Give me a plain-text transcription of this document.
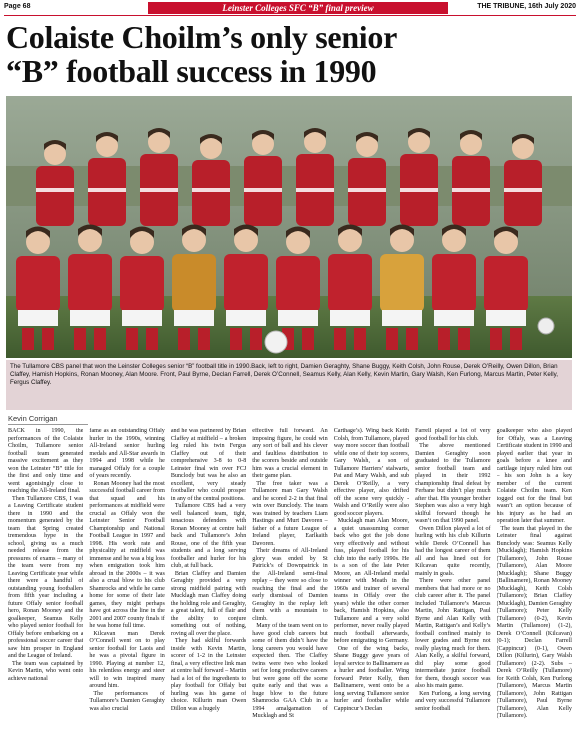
Page 68	Leinster Colleges SFC “B” final preview	THE TRIBUNE, 16th July 2020
Colaiste Choilm’s only senior
“B” football success in 1990
The Tullamore CBS panel that won the Leinster Colleges senior “B” football title in 1990.Back, left to right, Damien Geraghty, Shane Buggy, Keith Colsh, John Rouse, Derek O’Reilly, Owen Dillon, Brian Claffey, Hamish Hopkins, Ronan Mooney, Alan Moore. Front, Paul Byrne, Declan Farrell, Derek O’Connell, Seamus Kelly, Alan Kelly, Kevin Martin, Gary Walsh, Ken Furlong, Marcus Martin, Peter Kelly, Fergus Claffey.
Kevin Corrigan

BACK in 1990, the performances of the Colaiste Choilm, Tullamore senior football team generated massive excitement as they won the Leinster “B” title for the first and only time and went agonisingly close to reaching the All-Ireland final.

Then Tullamore CBS, I was a Leaving Certificate student there in 1990 and the momentum generated by the team that Spring created tremendous hype in the school, giving us a much needed release from the pressures of exams – many of the team were from my Leaving Certificate year while there were a handful of outstanding young footballers from fifth year including a future Offaly senior football hero, Ronan Mooney and the goalkeeper, Seamus Kelly who played senior football for Offaly before embarking on a professional soccer career that saw him prosper in England and the League of Ireland.

The team was captained by Kevin Martin, who went onto achieve national

fame as an outstanding Offaly hurler in the 1990s, winning All-Ireland senior hurling medals and All-Star awards in 1994 and 1998 while he managed Offaly for a couple of years recently.

Ronan Mooney had the most successful football career from that squad and his performances at midfield were crucial as Offaly won the Leinster Senior Football Championship and National Football League in 1997 and 1998. His work rate and physicality at midfield was immense and he was a big loss when emigration took him abroad in the 2000s – it was also a crual blow to his club Shamrocks and while he came home for some of their late games, they might perhaps have got across the line in the 2001 and 2007 county finals if he was home full time.

Kilcavan man Derek O’Connell went on to play senior football for Laois and he was a pivotal figure in 1990. Playing at number 12, his relentless energy and steer will to win inspired many around him.

The performances of Tullamore’s Damien Geraghty was also crucial

and he was partnered by Brian Claffey at midfield – a broken leg ruled his twin Fergus Claffey out of their comprehensive 3-8 to 0-8 Leinster final win over FCJ Bunclody but was he also an excellent, very steady footballer who could prosper in any of the central positions.

Tullamore CBS had a very well balanced team, tight, tenacious defenders with Ronan Mooney at centre half back and Tullamore’s John Rouse, one of the fifth year students and a long serving footballer and hurler for his club, at full back.

Brian Claffey and Damien Geraghty provided a very strong midfield pairing with Mucklagh man Claffey doing the holding role and Geraghty, a great talent, full of flair and the ability to conjure something out of nothing, roving all over the place.

They had skilful forwards inside with Kevin Martin, scorer of 1-2 in the Leinster final, a very effective link man at centre half forward – Martin had a lot of the ingredients to play football for Offaly but hurling was his game of choice. Killurin man Owen Dillon was a hugely

effective full forward. An imposing figure, he could win any sort of ball and his clever and faultless distribution to the scorers beside and outside him was a crucial element in their game plan.

The free taker was a Tullamore man Gary Walsh and he scored 2-2 in that final win over Bunclody. The team was trained by teachers Liam Hastings and Murt Davoren – father of a future League of Ireland player, Earlkaith Davoren.

Their dreams of All-Ireland glory was ended by St Patrick’s of Downpatrick in the All-Ireland semi-final replay – they were so close to reaching the final and the early dismissal of Damien Geraghty in the replay left them with a mountain to climb.

Many of the team went on to have good club careers but some of them didn’t have the long careers you would have expected then. The Claffey twins were two who looked set for long productive careers but were gone off the scene quite early and that was a huge blow to the future Shamrocks GAA Club in a 1994 amalgamation of Mucklagh and St

Carthage’s). Wing back Keith Colsh, from Tullamore, played way more soccer than football while one of their top scorers, Gary Walsh, a son of Tullamore Harriers’ stalwarts, Pat and Mary Walsh, and sub Derek O’Reilly, a very effective player, also drifted off the scene very quickly - Walsh and O’Reilly were also good soccer players.

Mucklagh man Alan Moore, a quiet unassuming corner back who got the job done very effectively and without fuss, played football for his club into the early 1990s. He is a son of the late Peter Moore, an All-Ireland medal winner with Meath in the 1960s and trainer of several teams in Offaly over the years) while the other corner back, Hamish Hopkins, also Tullamore and a very solid performer, never really played much football afterwards, before emigrating to Germany.

One of the wing backs, Shane Buggy gave years of loyal service to Ballinamere as a hurler and footballer. Wing forward Peter Kelly, then Ballinamere, went onto be a long serving Tullamore senior hurler and footballer while Cappincur’s Declan

Farrell played a lot of very good football for his club.

The above mentioned Damien Geraghty soon graduated to the Tullamore senior football team and played in their 1992 championship final defeat by Ferbane but didn’t play much after that. His younger brother Stephen was also a very high skilful forward though he wasn’t on that 1990 panel.

Owen Dillon played a lot of hurling with his club Killurin while Derek O’Connell has had the longest career of them all and has lined out for Kilcavan quite recently, mainly in goals.

There were other panel members that had more or no club career after it. The panel included Tullamore’s Marcus Martin, John Rattigan, Paul Byrne and Alan Kelly with Martin, Rattigan’s and Kelly’s football confined mainly to lower grades and Byrne not really playing much for them. Alan Kelly, a skilful forward, did play some good intermediate junior football for them, though soccer was also his main game.

Ken Furlong, a long serving and very successful Tullamore senior football

goalkeeper who also played for Offaly, was a Leaving Certificate student in 1990 and played earlier that year in goals before a knee and cartilage injury ruled him out – his son John is a key member of the current Colaiste Choilm team. Ken togged out for the final but wasn’t an option because of his injury as he had an operation later that summer.

The team that played in the Leinster final against Bunclody was: Seamus Kelly (Mucklagh); Hamish Hopkins (Tullamore), John Rouse (Tullamore), Alan Moore (Mucklagh); Shane Buggy (Ballinamere), Ronan Mooney (Mucklagh), Keith Colsh (Tullamore); Brian Claffey (Mucklagh), Damien Geraghty (Tullamore); Peter Kelly (Tullamore) (0-2), Kevin Martin (Tullamore) (1-2), Derek O’Connell (Kilcavan) (0-1); Declan Farrell (Cappincur) (0-1), Owen Dillon (Killurin), Gary Walsh (Tullamore) (2-2). Subs – Derek O’Reilly (Tullamore) for Keith Colsh, Ken Furlong (Tullamore), Marcus Martin (Tullamore), John Rattigan (Tullamore), Paul Byrne (Tullamore), Alan Kelly (Tullamore).
